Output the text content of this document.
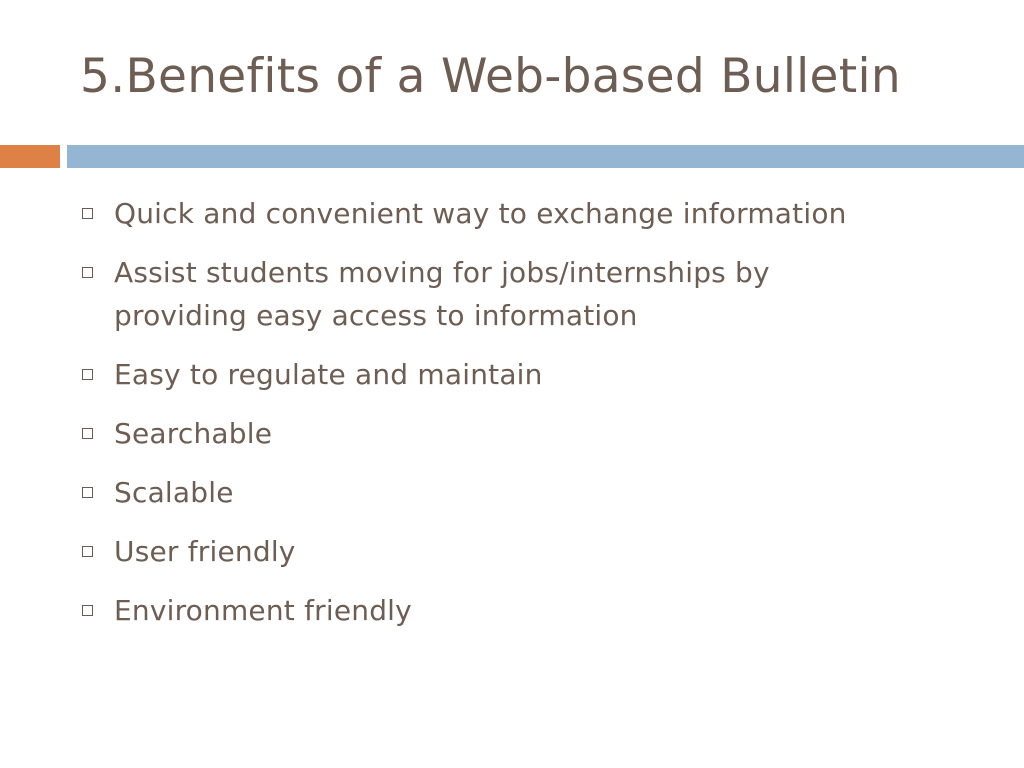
5.Benefits of a Web-based Bulletin
Quick and convenient way to exchange information
Assist students moving for jobs/internships by providing easy access to information
Easy to regulate and maintain
Searchable
Scalable
User friendly
Environment friendly
